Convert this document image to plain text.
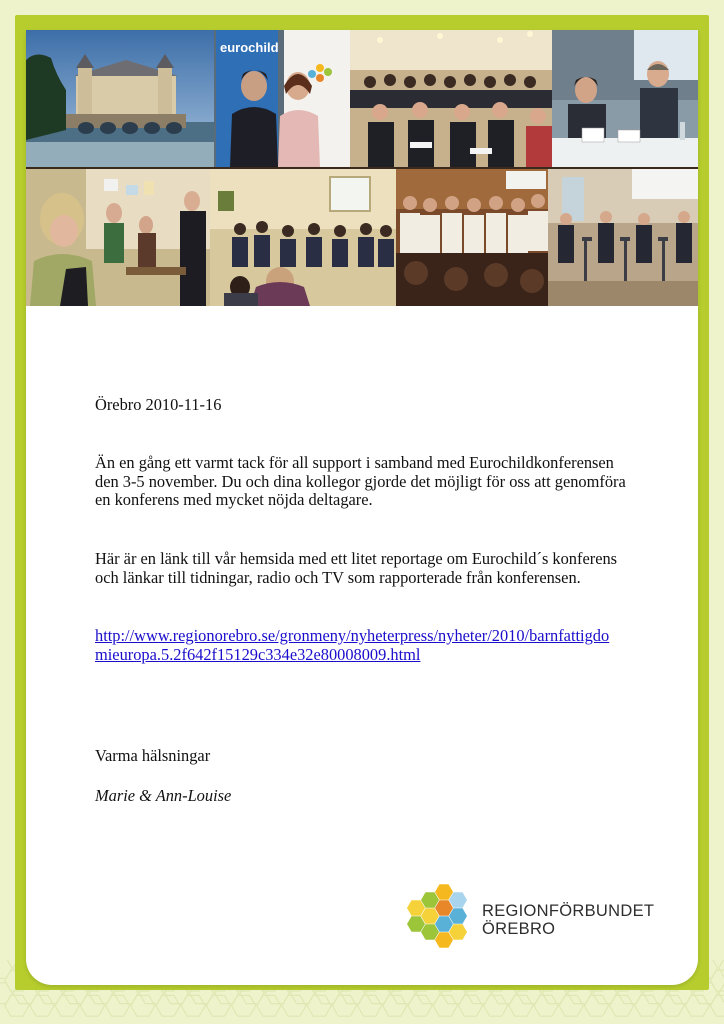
eurochild
Örebro 2010-11-16
Än en gång ett varmt tack för all support i samband med Eurochildkonferensen den 3-5 november. Du och dina kollegor gjorde det möjligt för oss att genomföra en konferens med mycket nöjda deltagare.
Här är en länk till vår hemsida med ett litet reportage om Eurochild´s konferens och länkar till tidningar, radio och TV som rapporterade från konferensen.
http://www.regionorebro.se/gronmeny/nyheterpress/nyheter/2010/barnfattigdomieuropa.5.2f642f15129c334e32e80008009.html
Varma hälsningar
Marie & Ann-Louise
REGIONFÖRBUNDET
ÖREBRO
